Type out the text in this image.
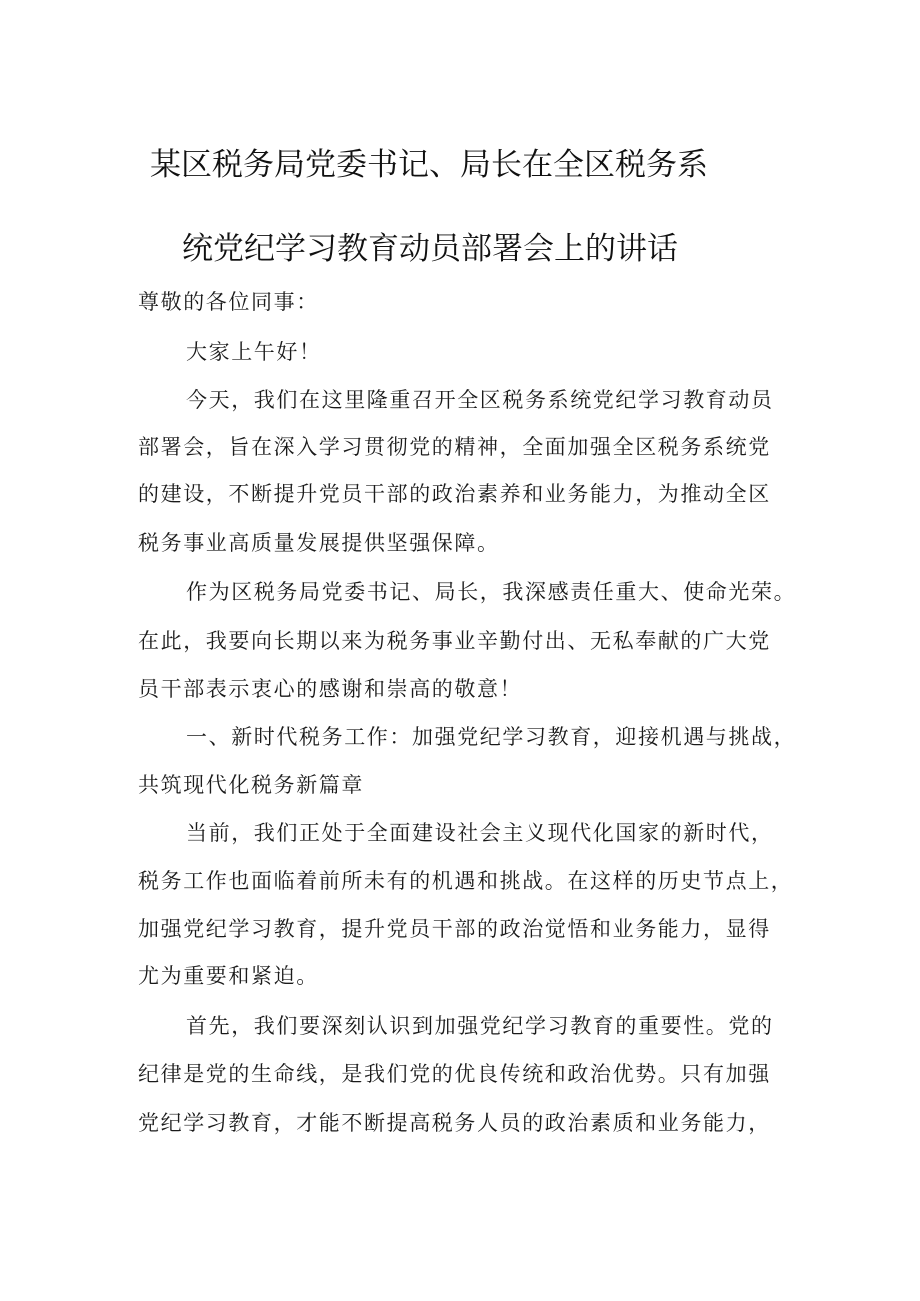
某区税务局党委书记、局长在全区税务系
统党纪学习教育动员部署会上的讲话
尊敬的各位同事：
大家上午好！
今天，我们在这里隆重召开全区税务系统党纪学习教育动员
部署会，旨在深入学习贯彻党的精神，全面加强全区税务系统党
的建设，不断提升党员干部的政治素养和业务能力，为推动全区
税务事业高质量发展提供坚强保障。
作为区税务局党委书记、局长，我深感责任重大、使命光荣。
在此，我要向长期以来为税务事业辛勤付出、无私奉献的广大党
员干部表示衷心的感谢和崇高的敬意！
一、新时代税务工作：加强党纪学习教育，迎接机遇与挑战，
共筑现代化税务新篇章
当前，我们正处于全面建设社会主义现代化国家的新时代，
税务工作也面临着前所未有的机遇和挑战。在这样的历史节点上，
加强党纪学习教育，提升党员干部的政治觉悟和业务能力，显得
尤为重要和紧迫。
首先，我们要深刻认识到加强党纪学习教育的重要性。党的
纪律是党的生命线，是我们党的优良传统和政治优势。只有加强
党纪学习教育，才能不断提高税务人员的政治素质和业务能力，
